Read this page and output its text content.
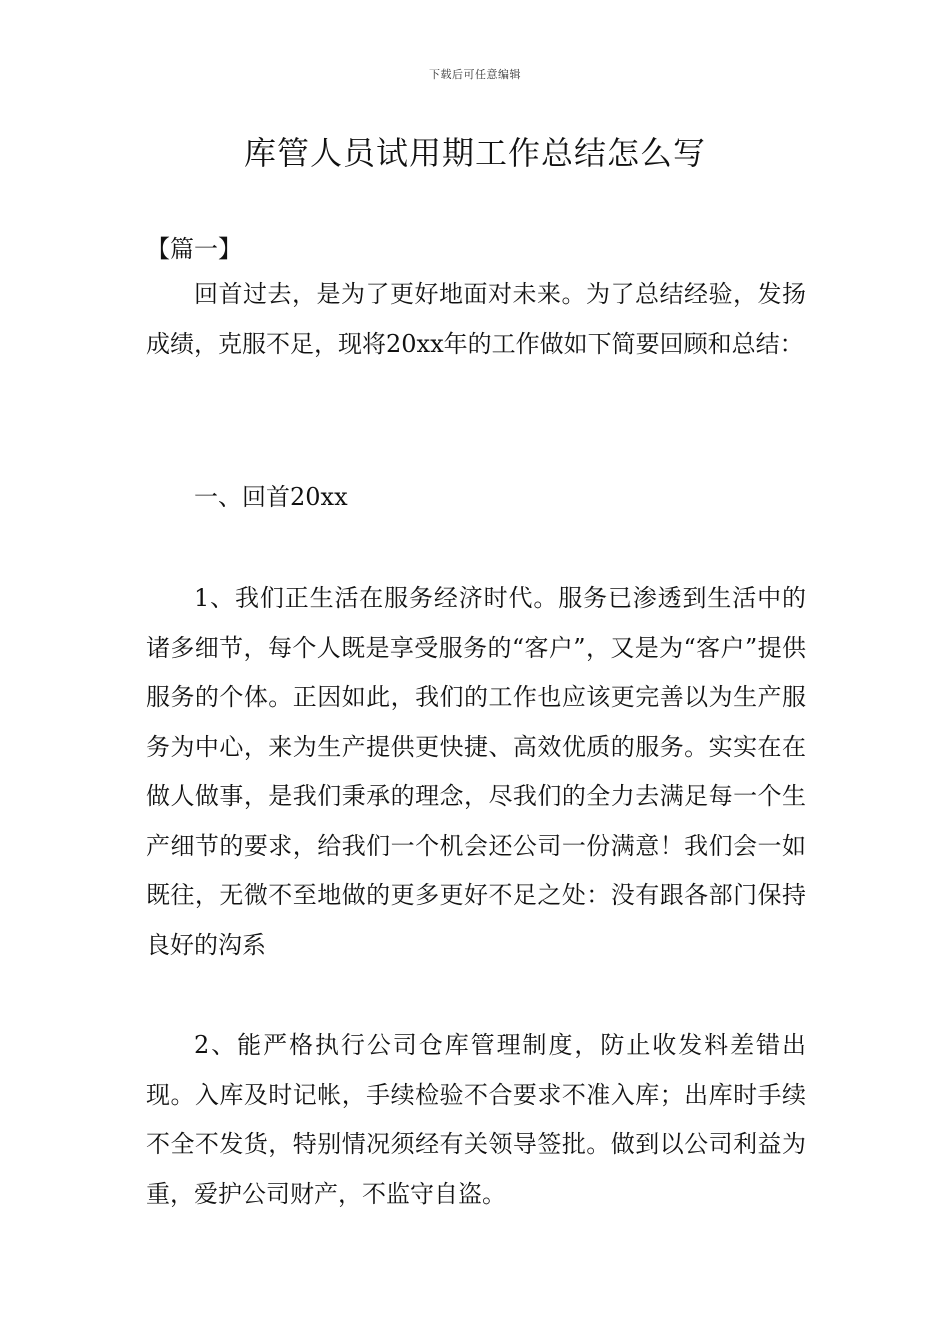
下载后可任意编辑
库管人员试用期工作总结怎么写
【篇一】

回首过去，是为了更好地面对未来。为了总结经验，发扬成绩，克服不足，现将20xx年的工作做如下简要回顾和总结：

一、回首20xx

1、我们正生活在服务经济时代。服务已渗透到生活中的诸多细节，每个人既是享受服务的“客户”，又是为“客户”提供服务的个体。正因如此，我们的工作也应该更完善以为生产服务为中心，来为生产提供更快捷、高效优质的服务。实实在在做人做事，是我们秉承的理念，尽我们的全力去满足每一个生产细节的要求，给我们一个机会还公司一份满意！我们会一如既往，无微不至地做的更多更好不足之处：没有跟各部门保持良好的沟系

2、能严格执行公司仓库管理制度，防止收发料差错出现。入库及时记帐，手续检验不合要求不准入库；出库时手续不全不发货，特别情况须经有关领导签批。做到以公司利益为重，爱护公司财产，不监守自盗。
